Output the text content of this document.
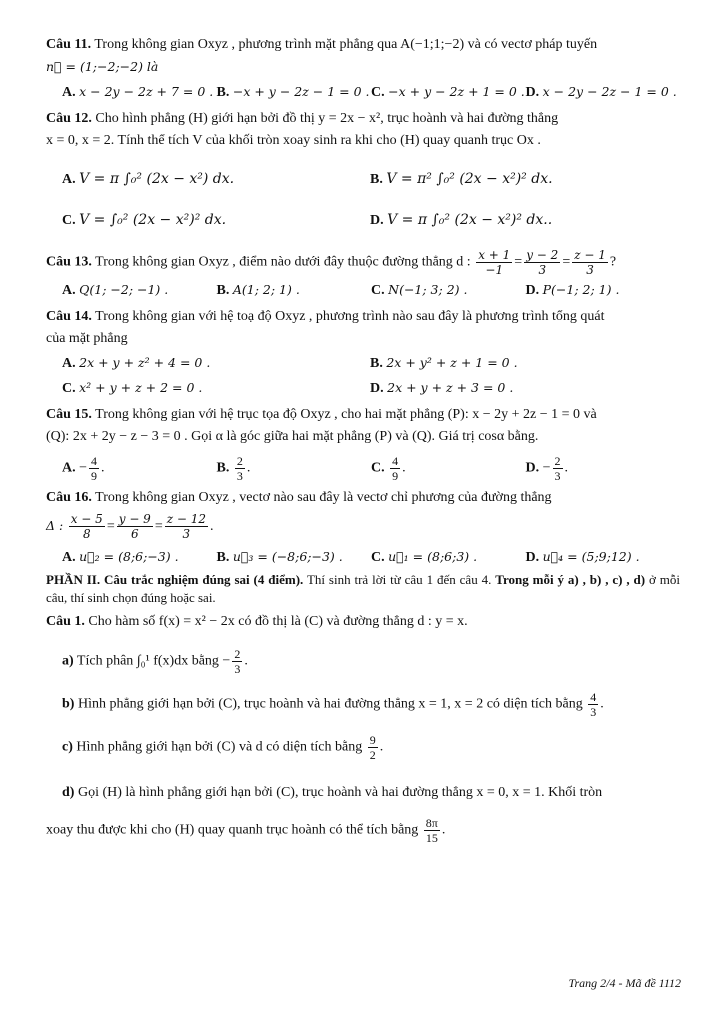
Câu 11. Trong không gian Oxyz , phương trình mặt phẳng qua A(−1;1;−2) và có vectơ pháp tuyến

n⃗ = (1;−2;−2) là

A. x − 2y − 2z + 7 = 0 . B. −x + y − 2z − 1 = 0 . C. −x + y − 2z + 1 = 0 . D. x − 2y − 2z − 1 = 0 .

Câu 12. Cho hình phẳng (H) giới hạn bởi đồ thị y = 2x − x², trục hoành và hai đường thẳng

x = 0, x = 2. Tính thể tích V của khối tròn xoay sinh ra khi cho (H) quay quanh trục Ox .

A. V = π ∫₀² (2x − x²) dx.	B. V = π² ∫₀² (2x − x²)² dx.
C. V = ∫₀² (2x − x²)² dx.	D. V = π ∫₀² (2x − x²)² dx..

Câu 13. Trong không gian Oxyz , điểm nào dưới đây thuộc đường thẳng d : $\frac{x + 1}{-1} = \frac{y - 2}{3} = \frac{z - 1}{3}$ ?

A. Q(1; −2; −1) .	B. A(1; 2; 1) .	C. N(−1; 3; 2) .	D. P(−1; 2; 1) .

Câu 14. Trong không gian với hệ toạ độ Oxyz , phương trình nào sau đây là phương trình tổng quát

của mặt phẳng

A. 2x + y + z² + 4 = 0 .	B. 2x + y² + z + 1 = 0 .
C. x² + y + z + 2 = 0 .	D. 2x + y + z + 3 = 0 .

Câu 15. Trong không gian với hệ trục tọa độ Oxyz , cho hai mặt phẳng (P): x − 2y + 2z − 1 = 0 và

(Q): 2x + 2y − z − 3 = 0 . Gọi α là góc giữa hai mặt phẳng (P) và (Q). Giá trị cosα bằng.

A. − $\frac{4}{9}$ .	B. $\frac{2}{3}$ .	C. $\frac{4}{9}$ .	D. − $\frac{2}{3}$ .

Câu 16. Trong không gian Oxyz , vectơ nào sau đây là vectơ chỉ phương của đường thẳng

Δ : $\frac{x - 5}{8} = \frac{y - 9}{6} = \frac{z - 12}{3}$ .

A. u⃗₂ = (8;6;−3) .	B. u⃗₃ = (−8;6;−3) .	C. u⃗₁ = (8;6;3) .	D. u⃗₄ = (5;9;12) .

PHẦN II. Câu trắc nghiệm đúng sai (4 điểm). Thí sinh trả lời từ câu 1 đến câu 4. Trong mỗi ý a) , b) , c) , d) ở mỗi câu, thí sinh chọn đúng hoặc sai.

Câu 1. Cho hàm số f(x) = x² − 2x có đồ thị là (C) và đường thẳng d : y = x.

a) Tích phân ∫₀¹ f(x)dx bằng − $\frac{2}{3}$ .

b) Hình phẳng giới hạn bởi (C), trục hoành và hai đường thẳng x = 1, x = 2 có diện tích bằng $\frac{4}{3}$ .

c) Hình phẳng giới hạn bởi (C) và d có diện tích bằng $\frac{9}{2}$ .

d) Gọi (H) là hình phẳng giới hạn bởi (C), trục hoành và hai đường thẳng x = 0, x = 1. Khối tròn

xoay thu được khi cho (H) quay quanh trục hoành có thể tích bằng $\frac{8\pi}{15}$ .

Trang 2/4 - Mã đề 1112
